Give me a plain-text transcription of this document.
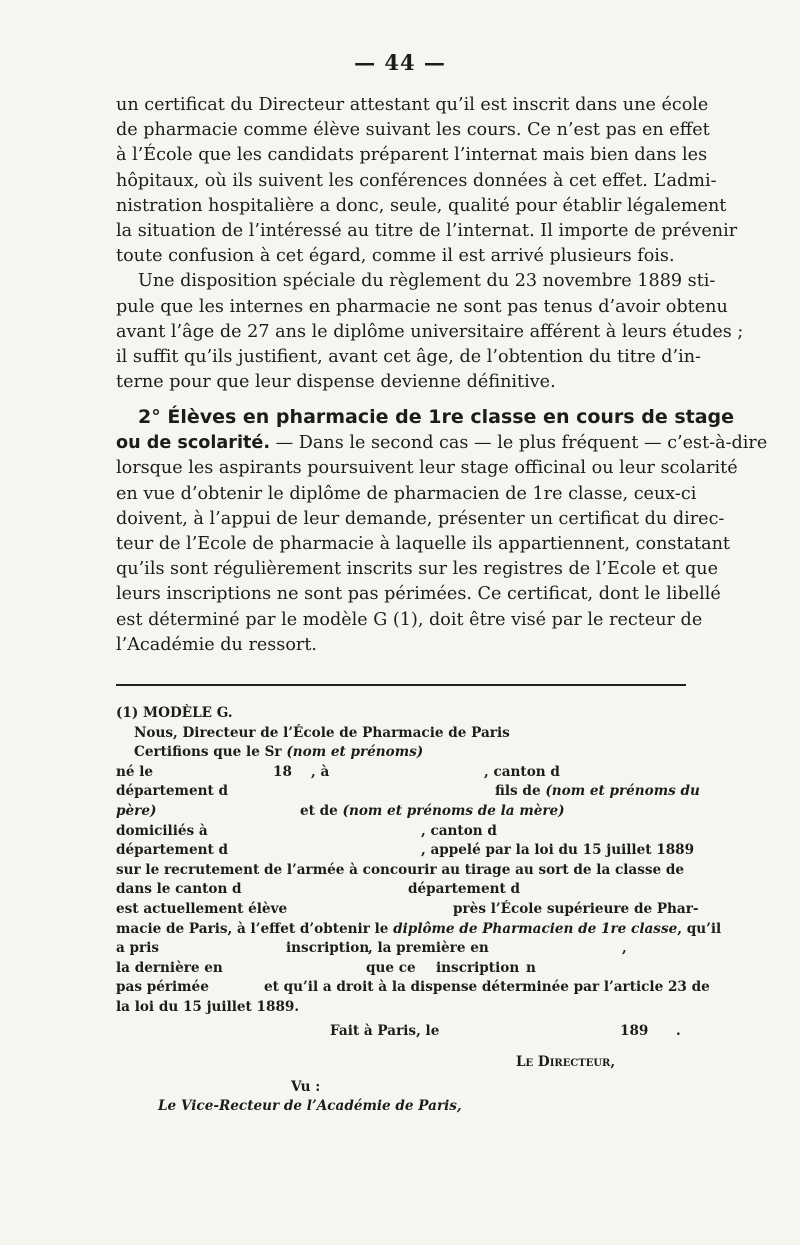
— 44 —
un certificat du Directeur attestant qu’il est inscrit dans une école
de pharmacie comme élève suivant les cours. Ce n’est pas en effet
à l’École que les candidats préparent l’internat mais bien dans les
hôpitaux, où ils suivent les conférences données à cet effet. L’admi-
nistration hospitalière a donc, seule, qualité pour établir légalement
la situation de l’intéressé au titre de l’internat. Il importe de prévenir
toute confusion à cet égard, comme il est arrivé plusieurs fois.
Une disposition spéciale du règlement du 23 novembre 1889 sti-
pule que les internes en pharmacie ne sont pas tenus d’avoir obtenu
avant l’âge de 27 ans le diplôme universitaire afférent à leurs études ;
il suffit qu’ils justifient, avant cet âge, de l’obtention du titre d’in-
terne pour que leur dispense devienne définitive.
2° Élèves en pharmacie de 1re classe en cours de stage
ou de scolarité. — Dans le second cas — le plus fréquent — c’est-à-dire
lorsque les aspirants poursuivent leur stage officinal ou leur scolarité
en vue d’obtenir le diplôme de pharmacien de 1re classe, ceux-ci
doivent, à l’appui de leur demande, présenter un certificat du direc-
teur de l’Ecole de pharmacie à laquelle ils appartiennent, constatant
qu’ils sont régulièrement inscrits sur les registres de l’Ecole et que
leurs inscriptions ne sont pas périmées. Ce certificat, dont le libellé
est déterminé par le modèle G (1), doit être visé par le recteur de
l’Académie du ressort.
(1) MODÈLE G.
Nous, Directeur de l’École de Pharmacie de Paris
Certifions que le Sr (nom et prénoms)
né le	18 , à	, canton d
département d	fils de (nom et prénoms du
père)	et de (nom et prénoms de la mère)
domiciliés à	, canton d
département d	, appelé par la loi du 15 juillet 1889
sur le recrutement de l’armée à concourir au tirage au sort de la classe de
dans le canton d	département d
est actuellement élève	près l’École supérieure de Phar-
macie de Paris, à l’effet d’obtenir le diplôme de Pharmacien de 1re classe, qu’il
a pris	inscription
, la première en	,
la dernière en	que ce inscription n
pas périmée	et qu’il a droit à la dispense déterminée par l’article 23 de
la loi du 15 juillet 1889.
Fait à Paris, le	189 .
Le Directeur,
Vu :
Le Vice-Recteur de l’Académie de Paris,
